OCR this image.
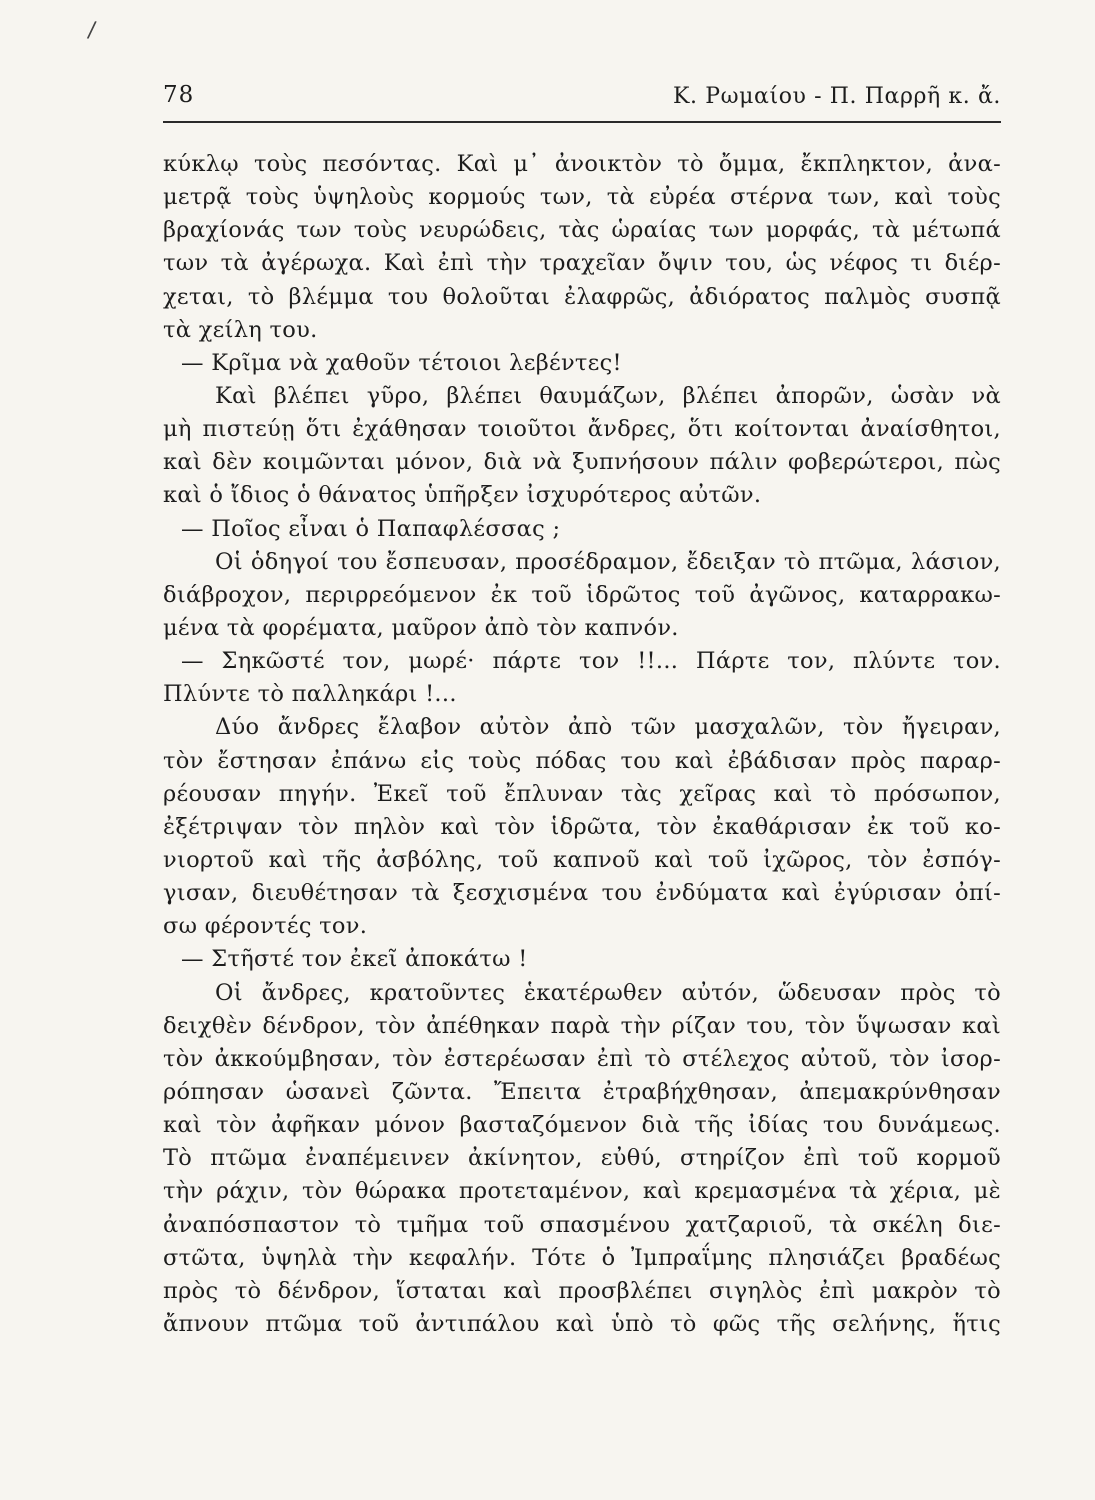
/
78	Κ. Ρωμαίου - Π. Παρρῆ κ. ἄ.
κύκλῳ τοὺς πεσόντας. Καὶ μ᾽ ἀνοικτὸν τὸ ὄμμα, ἔκπληκτον, ἀνα-
μετρᾷ τοὺς ὑψηλοὺς κορμούς των, τὰ εὐρέα στέρνα των, καὶ τοὺς
βραχίονάς των τοὺς νευρώδεις, τὰς ὡραίας των μορφάς, τὰ μέτωπά
των τὰ ἀγέρωχα. Καὶ ἐπὶ τὴν τραχεῖαν ὄψιν του, ὡς νέφος τι διέρ-
χεται, τὸ βλέμμα του θολοῦται ἐλαφρῶς, ἀδιόρατος παλμὸς συσπᾷ
τὰ χείλη του.
— Κρῖμα νὰ χαθοῦν τέτοιοι λεβέντες!
Καὶ βλέπει γῦρο, βλέπει θαυμάζων, βλέπει ἀπορῶν, ὡσὰν νὰ
μὴ πιστεύῃ ὅτι ἐχάθησαν τοιοῦτοι ἄνδρες, ὅτι κοίτονται ἀναίσθητοι,
καὶ δὲν κοιμῶνται μόνον, διὰ νὰ ξυπνήσουν πάλιν φοβερώτεροι, πὼς
καὶ ὁ ἴδιος ὁ θάνατος ὑπῆρξεν ἰσχυρότερος αὐτῶν.
— Ποῖος εἶναι ὁ Παπαφλέσσας ;
Οἱ ὁδηγοί του ἔσπευσαν, προσέδραμον, ἔδειξαν τὸ πτῶμα, λάσιον,
διάβροχον, περιρρεόμενον ἐκ τοῦ ἱδρῶτος τοῦ ἀγῶνος, καταρρακω-
μένα τὰ φορέματα, μαῦρον ἀπὸ τὸν καπνόν.
— Σηκῶστέ τον, μωρέ· πάρτε τον !!... Πάρτε τον, πλύντε τον.
Πλύντε τὸ παλληκάρι !...
Δύο ἄνδρες ἔλαβον αὐτὸν ἀπὸ τῶν μασχαλῶν, τὸν ἤγειραν,
τὸν ἔστησαν ἐπάνω εἰς τοὺς πόδας του καὶ ἐβάδισαν πρὸς παραρ-
ρέουσαν πηγήν. Ἐκεῖ τοῦ ἔπλυναν τὰς χεῖρας καὶ τὸ πρόσωπον,
ἐξέτριψαν τὸν πηλὸν καὶ τὸν ἱδρῶτα, τὸν ἐκαθάρισαν ἐκ τοῦ κο-
νιορτοῦ καὶ τῆς ἀσβόλης, τοῦ καπνοῦ καὶ τοῦ ἰχῶρος, τὸν ἐσπόγ-
γισαν, διευθέτησαν τὰ ξεσχισμένα του ἐνδύματα καὶ ἐγύρισαν ὀπί-
σω φέροντές τον.
— Στῆστέ τον ἐκεῖ ἀποκάτω !
Οἱ ἄνδρες, κρατοῦντες ἑκατέρωθεν αὐτόν, ὥδευσαν πρὸς τὸ
δειχθὲν δένδρον, τὸν ἀπέθηκαν παρὰ τὴν ρίζαν του, τὸν ὕψωσαν καὶ
τὸν ἀκκούμβησαν, τὸν ἐστερέωσαν ἐπὶ τὸ στέλεχος αὐτοῦ, τὸν ἰσορ-
ρόπησαν ὡσανεὶ ζῶντα. Ἔπειτα ἐτραβήχθησαν, ἀπεμακρύνθησαν
καὶ τὸν ἀφῆκαν μόνον βασταζόμενον διὰ τῆς ἰδίας του δυνάμεως.
Τὸ πτῶμα ἐναπέμεινεν ἀκίνητον, εὐθύ, στηρίζον ἐπὶ τοῦ κορμοῦ
τὴν ράχιν, τὸν θώρακα προτεταμένον, καὶ κρεμασμένα τὰ χέρια, μὲ
ἀναπόσπαστον τὸ τμῆμα τοῦ σπασμένου χατζαριοῦ, τὰ σκέλη διε-
στῶτα, ὑψηλὰ τὴν κεφαλήν. Τότε ὁ Ἰμπραΐμης πλησιάζει βραδέως
πρὸς τὸ δένδρον, ἵσταται καὶ προσβλέπει σιγηλὸς ἐπὶ μακρὸν τὸ
ἄπνουν πτῶμα τοῦ ἀντιπάλου καὶ ὑπὸ τὸ φῶς τῆς σελήνης, ἥτις
